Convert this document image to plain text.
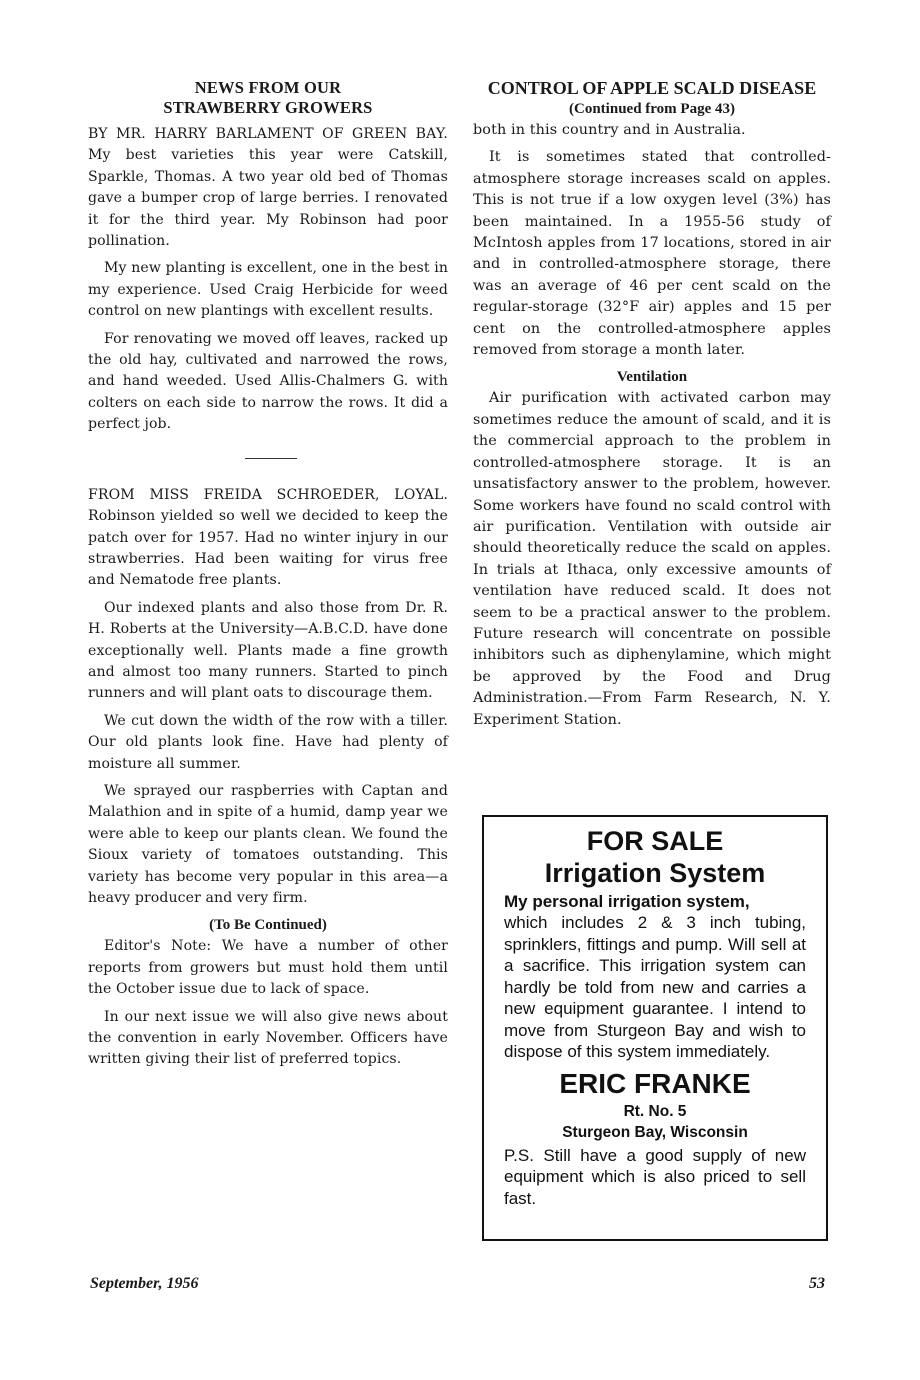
NEWS FROM OUR
STRAWBERRY GROWERS

BY MR. HARRY BARLAMENT OF GREEN BAY. My best varieties this year were Catskill, Sparkle, Thomas. A two year old bed of Thomas gave a bumper crop of large berries. I renovated it for the third year. My Robinson had poor pollination.

My new planting is excellent, one in the best in my experience. Used Craig Herbicide for weed control on new plantings with excellent results.

For renovating we moved off leaves, racked up the old hay, cultivated and narrowed the rows, and hand weeded. Used Allis-Chalmers G. with colters on each side to narrow the rows. It did a perfect job.

FROM MISS FREIDA SCHROEDER, LOYAL. Robinson yielded so well we decided to keep the patch over for 1957. Had no winter injury in our strawberries. Had been waiting for virus free and Nematode free plants.

Our indexed plants and also those from Dr. R. H. Roberts at the University—A.B.C.D. have done exceptionally well. Plants made a fine growth and almost too many runners. Started to pinch runners and will plant oats to discourage them.

We cut down the width of the row with a tiller. Our old plants look fine. Have had plenty of moisture all summer.

We sprayed our raspberries with Captan and Malathion and in spite of a humid, damp year we were able to keep our plants clean. We found the Sioux variety of tomatoes outstanding. This variety has become very popular in this area—a heavy producer and very firm.

(To Be Continued)

Editor's Note: We have a number of other reports from growers but must hold them until the October issue due to lack of space.

In our next issue we will also give news about the convention in early November. Officers have written giving their list of preferred topics.

CONTROL OF APPLE SCALD DISEASE
(Continued from Page 43)

both in this country and in Australia.

It is sometimes stated that controlled-atmosphere storage increases scald on apples. This is not true if a low oxygen level (3%) has been maintained. In a 1955-56 study of McIntosh apples from 17 locations, stored in air and in controlled-atmosphere storage, there was an average of 46 per cent scald on the regular-storage (32°F air) apples and 15 per cent on the controlled-atmosphere apples removed from storage a month later.

Ventilation

Air purification with activated carbon may sometimes reduce the amount of scald, and it is the commercial approach to the problem in controlled-atmosphere storage. It is an unsatisfactory answer to the problem, however. Some workers have found no scald control with air purification. Ventilation with outside air should theoretically reduce the scald on apples. In trials at Ithaca, only excessive amounts of ventilation have reduced scald. It does not seem to be a practical answer to the problem. Future research will concentrate on possible inhibitors such as diphenylamine, which might be approved by the Food and Drug Administration.—From Farm Research, N. Y. Experiment Station.

FOR SALE
Irrigation System
My personal irrigation system,
which includes 2 & 3 inch tubing, sprinklers, fittings and pump. Will sell at a sacrifice. This irrigation system can hardly be told from new and carries a new equipment guarantee. I intend to move from Sturgeon Bay and wish to dispose of this system immediately.
ERIC FRANKE
Rt. No. 5
Sturgeon Bay, Wisconsin
P.S. Still have a good supply of new equipment which is also priced to sell fast.
September, 1956	53
